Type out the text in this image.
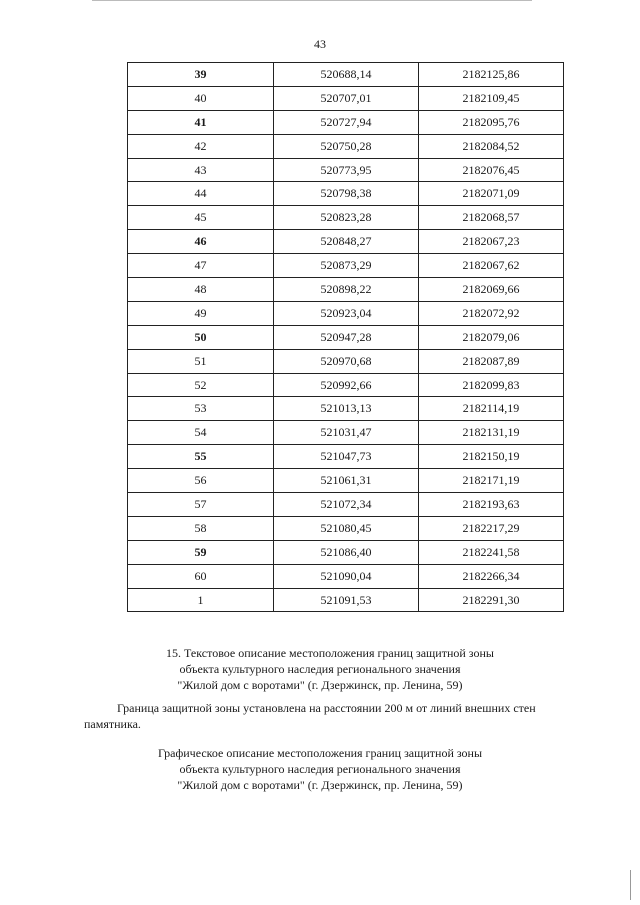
43
39	520688,14	2182125,86
40	520707,01	2182109,45
41	520727,94	2182095,76
42	520750,28	2182084,52
43	520773,95	2182076,45
44	520798,38	2182071,09
45	520823,28	2182068,57
46	520848,27	2182067,23
47	520873,29	2182067,62
48	520898,22	2182069,66
49	520923,04	2182072,92
50	520947,28	2182079,06
51	520970,68	2182087,89
52	520992,66	2182099,83
53	521013,13	2182114,19
54	521031,47	2182131,19
55	521047,73	2182150,19
56	521061,31	2182171,19
57	521072,34	2182193,63
58	521080,45	2182217,29
59	521086,40	2182241,58
60	521090,04	2182266,34
1	521091,53	2182291,30
15. Текстовое описание местоположения границ защитной зоны
объекта культурного наследия регионального значения
"Жилой дом с воротами" (г. Дзержинск, пр. Ленина, 59)
Граница защитной зоны установлена на расстоянии 200 м от линий внешних стен
памятника.
Графическое описание местоположения границ защитной зоны
объекта культурного наследия регионального значения
"Жилой дом с воротами" (г. Дзержинск, пр. Ленина, 59)
